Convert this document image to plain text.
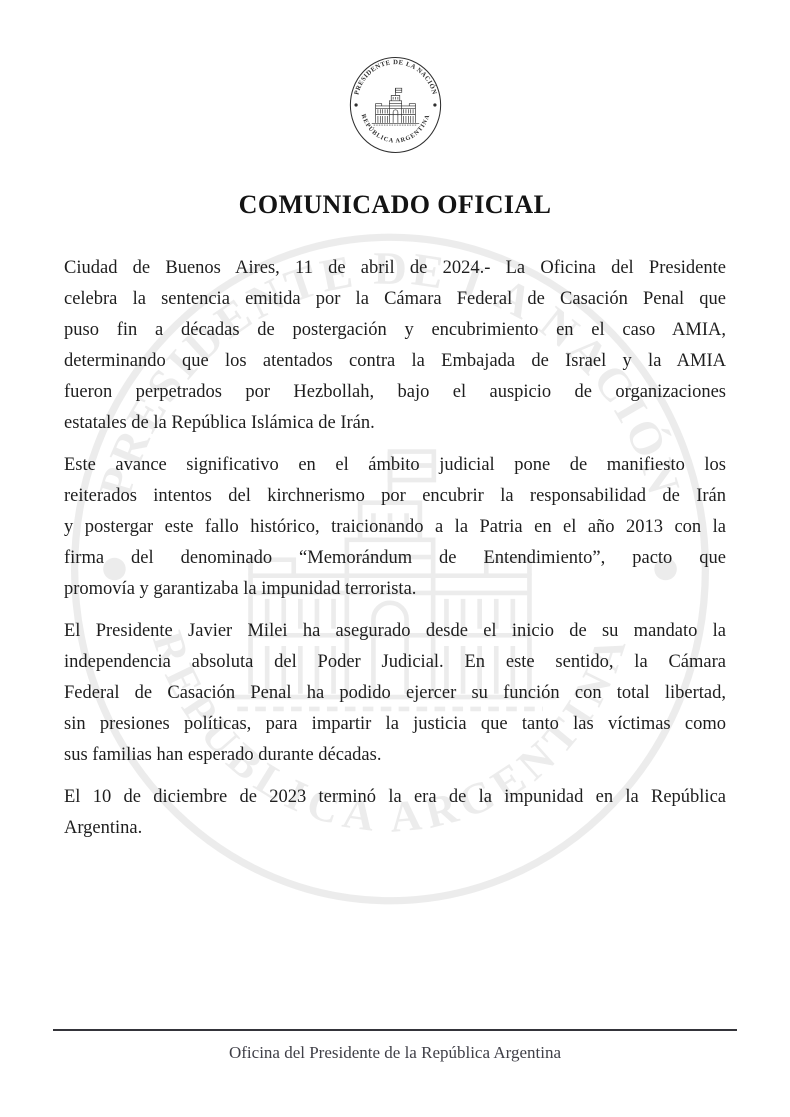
COMUNICADO OFICIAL

Ciudad de Buenos Aires, 11 de abril de 2024.- La Oficina del Presidente
celebra la sentencia emitida por la Cámara Federal de Casación Penal que
puso fin a décadas de postergación y encubrimiento en el caso AMIA,
determinando que los atentados contra la Embajada de Israel y la AMIA
fueron perpetrados por Hezbollah, bajo el auspicio de organizaciones
estatales de la República Islámica de Irán.

Este avance significativo en el ámbito judicial pone de manifiesto los
reiterados intentos del kirchnerismo por encubrir la responsabilidad de Irán
y postergar este fallo histórico, traicionando a la Patria en el año 2013 con la
firma del denominado “Memorándum de Entendimiento”, pacto que
promovía y garantizaba la impunidad terrorista.

El Presidente Javier Milei ha asegurado desde el inicio de su mandato la
independencia absoluta del Poder Judicial. En este sentido, la Cámara
Federal de Casación Penal ha podido ejercer su función con total libertad,
sin presiones políticas, para impartir la justicia que tanto las víctimas como
sus familias han esperado durante décadas.

El 10 de diciembre de 2023 terminó la era de la impunidad en la República
Argentina.

Oficina del Presidente de la República Argentina
